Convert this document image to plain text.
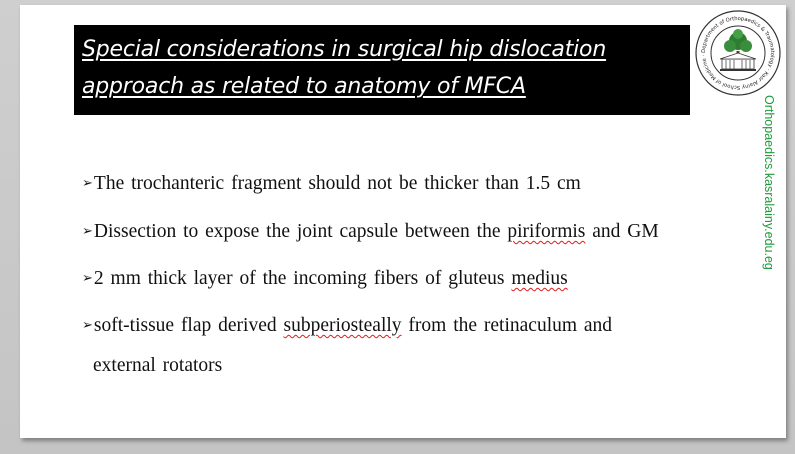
Special considerations in surgical hip dislocation
approach as related to anatomy of MFCA
Department of Orthopaedics & Traumatology · Kasr Alainy School of Medicine ·
Orthopaedics.kasralainy.edu.eg
➢The trochanteric fragment should not be thicker than 1.5 cm
➢Dissection to expose the joint capsule between the piriformis and GM
➢2 mm thick layer of the incoming fibers of gluteus medius
➢soft-tissue flap derived subperiosteally from the retinaculum and
external rotators
